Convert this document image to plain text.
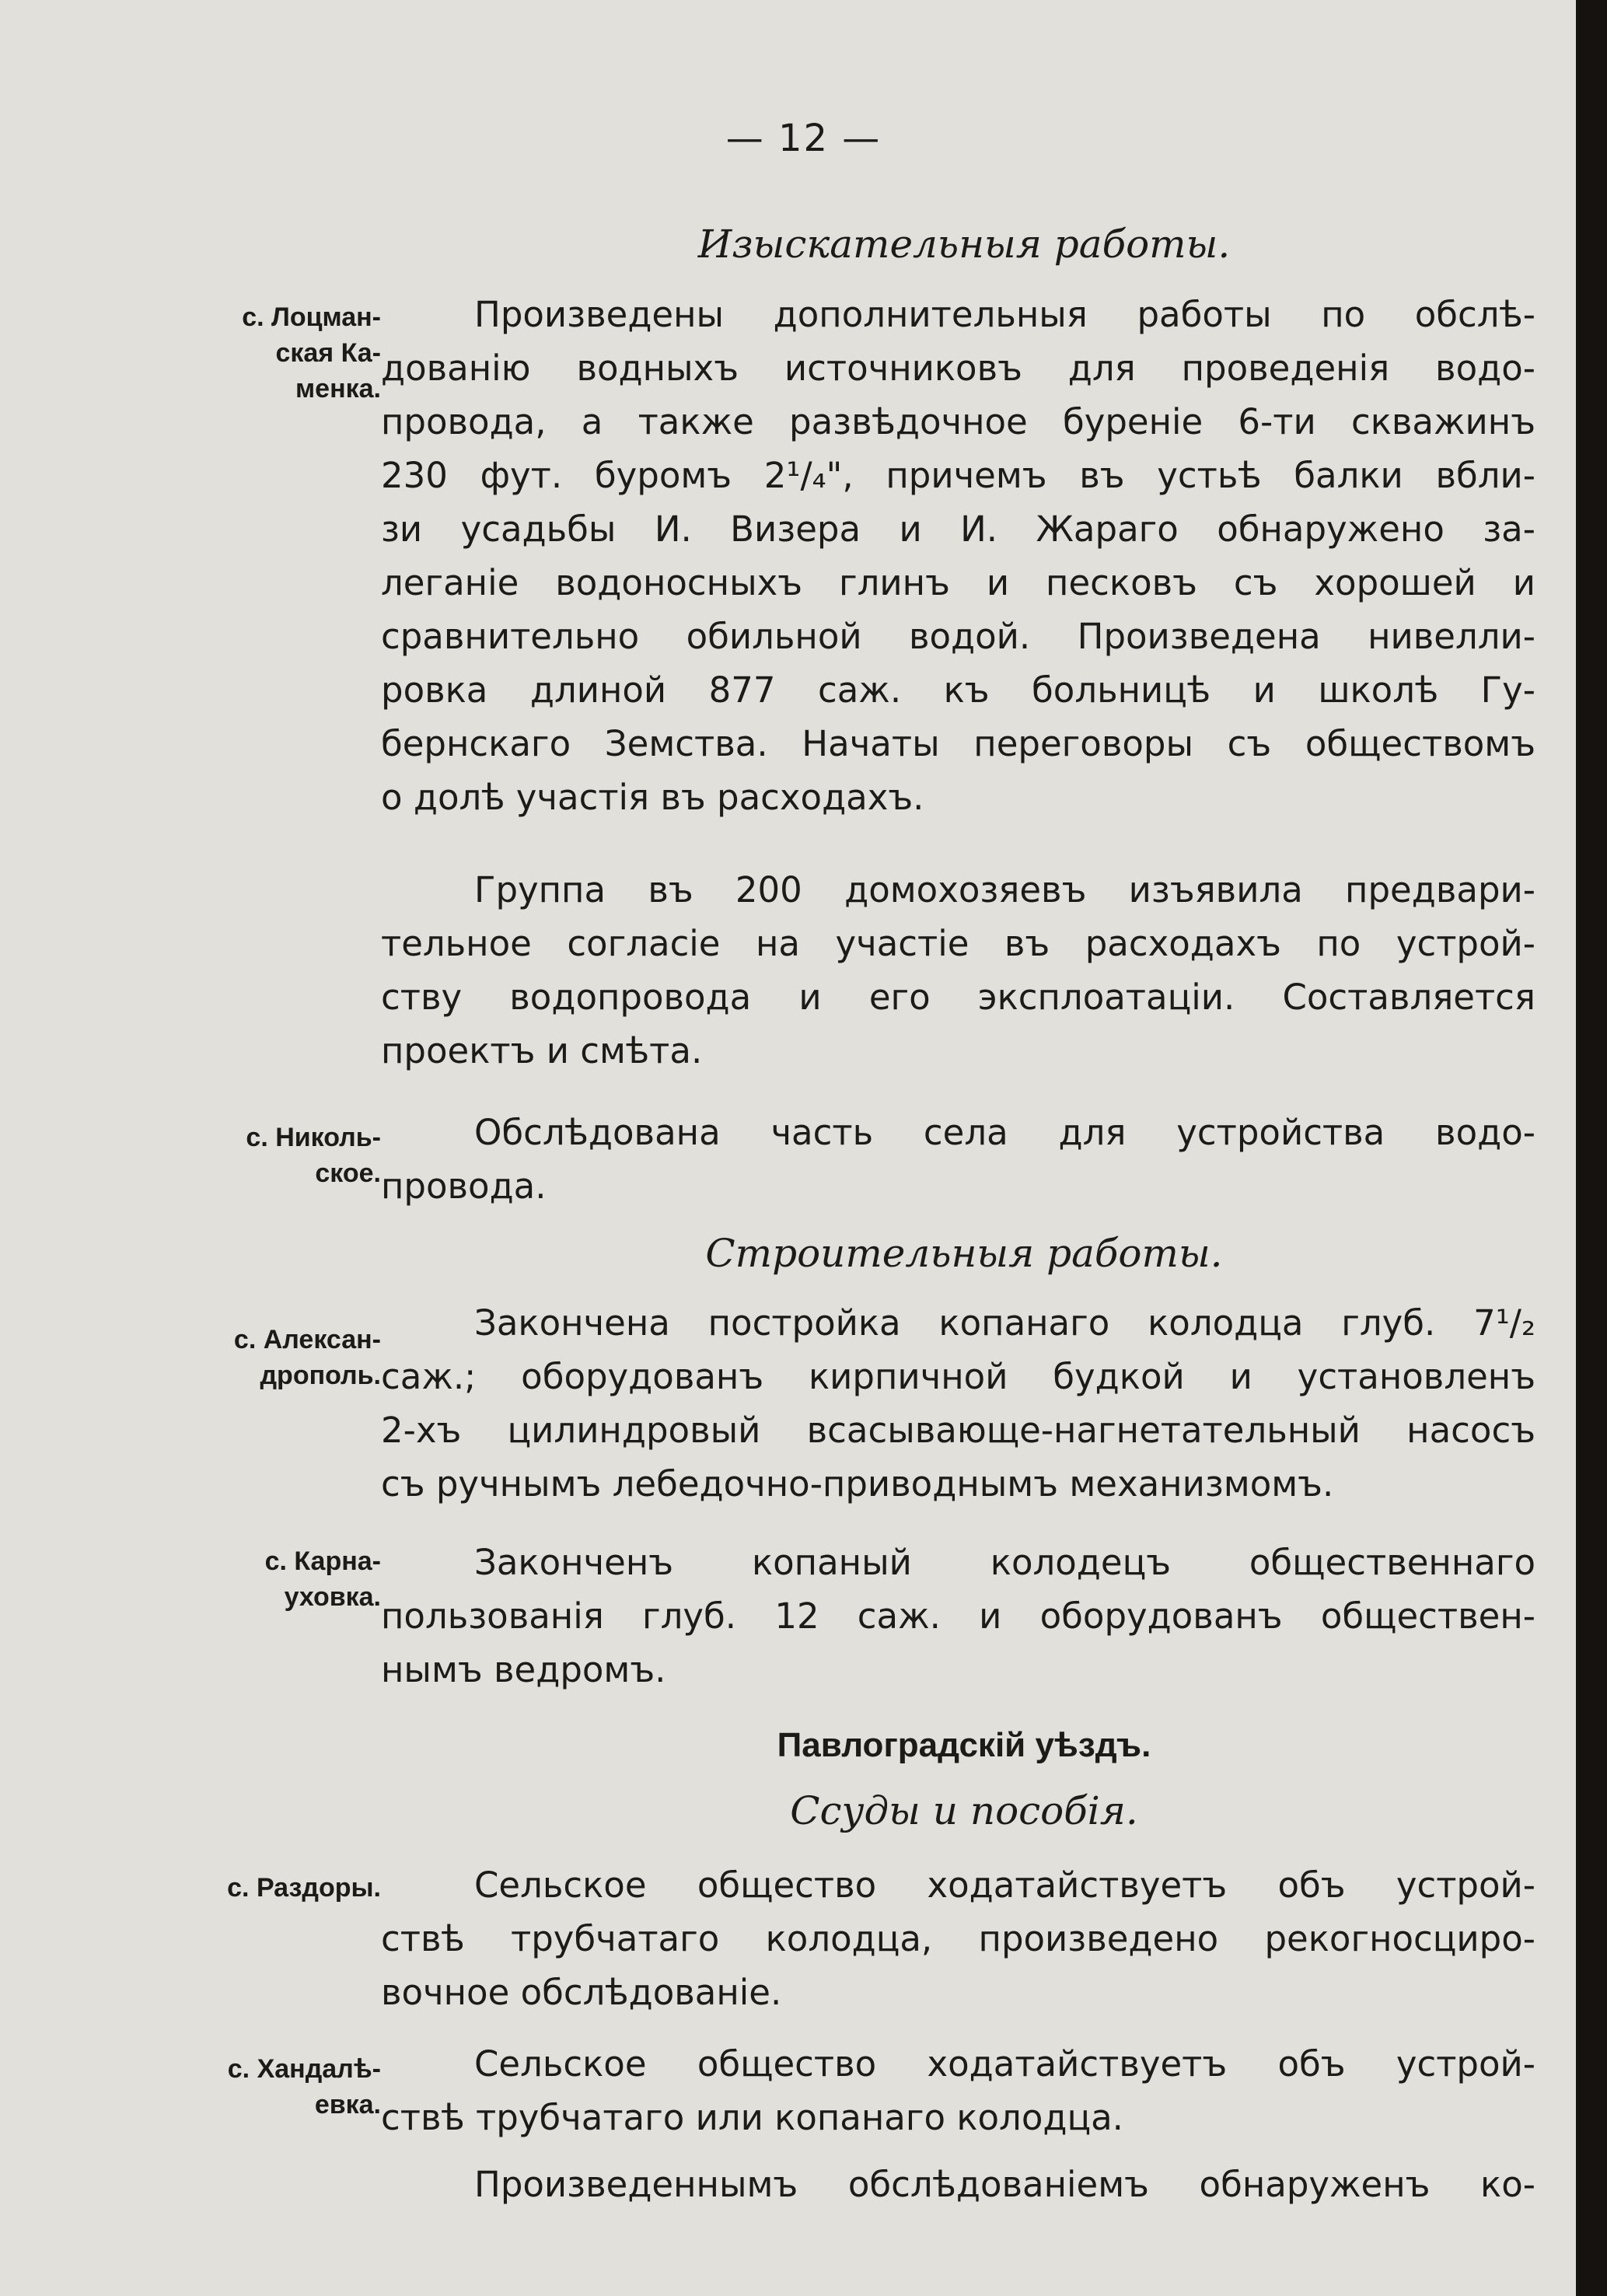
— 12 —
Изыскательныя работы.
с. Лоцман-
ская Ка-
менка.
Произведены дополнительныя работы по обслѣ-
дованію водныхъ источниковъ для проведенія водо-
провода, а также развѣдочное буреніе 6-ти скважинъ
230 фут. буромъ 2¹/₄", причемъ въ устьѣ балки вбли-
зи усадьбы И. Визера и И. Жараго обнаружено за-
леганіе водоносныхъ глинъ и песковъ съ хорошей и
сравнительно обильной водой. Произведена нивелли-
ровка длиной 877 саж. къ больницѣ и школѣ Гу-
бернскаго Земства. Начаты переговоры съ обществомъ
о долѣ участія въ расходахъ.
Группа въ 200 домохозяевъ изъявила предвари-
тельное согласіе на участіе въ расходахъ по устрой-
ству водопровода и его эксплоатаціи. Составляется
проектъ и смѣта.
с. Николь-
ское.
Обслѣдована часть села для устройства водо-
провода.
Строительныя работы.
с. Алексан-
дрополь.
Закончена постройка копанаго колодца глуб. 7¹/₂
саж.; оборудованъ кирпичной будкой и установленъ
2-хъ цилиндровый всасывающе-нагнетательный насосъ
съ ручнымъ лебедочно-приводнымъ механизмомъ.
с. Карна-
уховка.
Законченъ копаный колодецъ общественнаго
пользованія глуб. 12 саж. и оборудованъ обществен-
нымъ ведромъ.
Павлоградскій уѣздъ.
Ссуды и пособія.
с. Раздоры.	Сельское общество ходатайствуетъ объ устрой-
ствѣ трубчатаго колодца, произведено рекогносциро-
вочное обслѣдованіе.
с. Хандалѣ-
евка.
Сельское общество ходатайствуетъ объ устрой-
ствѣ трубчатаго или копанаго колодца.
Произведеннымъ обслѣдованіемъ обнаруженъ ко-
